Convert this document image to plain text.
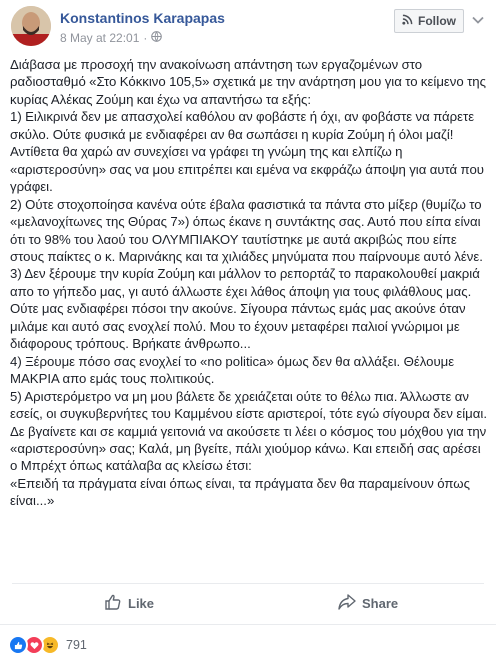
Konstantinos Karapapas
8 May at 22:01 ·
Follow
Διάβασα με προσοχή την ανακοίνωση απάντηση των εργαζομένων στο ραδιοσταθμό «Στο Κόκκινο 105,5» σχετικά με την ανάρτηση μου για το κείμενο της κυρίας Αλέκας Ζούμη και έχω να απαντήσω τα εξής:
1) Ειλικρινά δεν με απασχολεί καθόλου αν φοβάστε ή όχι, αν φοβάστε να πάρετε σκύλο. Ούτε φυσικά με ενδιαφέρει αν θα σωπάσει η κυρία Ζούμη ή όλοι μαζί! Αντίθετα θα χαρώ αν συνεχίσει να γράφει τη γνώμη της και ελπίζω η «αριστεροσύνη» σας να μου επιτρέπει και εμένα να εκφράζω άποψη για αυτά που γράφει.
2) Ούτε στοχοποίησα κανένα ούτε έβαλα φασιστικά τα πάντα στο μίξερ (θυμίζω το «μελανοχίτωνες της Θύρας 7») όπως έκανε η συντάκτης σας. Αυτό που είπα είναι ότι το 98% του λαού του ΟΛΥΜΠΙΑΚΟΥ ταυτίστηκε με αυτά ακριβώς που είπε στους παίκτες ο κ. Μαρινάκης και τα χιλιάδες μηνύματα που παίρνουμε αυτό λένε.
3) Δεν ξέρουμε την κυρία Ζούμη και μάλλον το ρεπορτάζ το παρακολουθεί μακριά απο το γήπεδο μας, γι αυτό άλλωστε έχει λάθος άποψη για τους φιλάθλους μας. Ούτε μας ενδιαφέρει πόσοι την ακούνε. Σίγουρα πάντως εμάς μας ακούνε όταν μιλάμε και αυτό σας ενοχλεί πολύ. Μου το έχουν μεταφέρει παλιοί γνώριμοι με διάφορους τρόπους. Βρήκατε άνθρωπο...
4) Ξέρουμε πόσο σας ενοχλεί το «no politica» όμως δεν θα αλλάξει. Θέλουμε ΜΑΚΡΙΑ απο εμάς τους πολιτικούς.
5) Αριστερόμετρο να μη μου βάλετε δε χρειάζεται ούτε το θέλω πια. Άλλωστε αν εσείς, οι συγκυβερνήτες του Καμμένου είστε αριστεροί, τότε εγώ σίγουρα δεν είμαι. Δε βγαίνετε και σε καμμιά γειτονιά να ακούσετε τι λέει ο κόσμος του μόχθου για την «αριστεροσύνη» σας; Καλά, μη βγείτε, πάλι χιούμορ κάνω. Και επειδή σας αρέσει ο Μπρέχτ όπως κατάλαβα ας κλείσω έτσι:
«Επειδή τα πράγματα είναι όπως είναι, τα πράγματα δεν θα παραμείνουν όπως είναι...»
Like	Share
791
